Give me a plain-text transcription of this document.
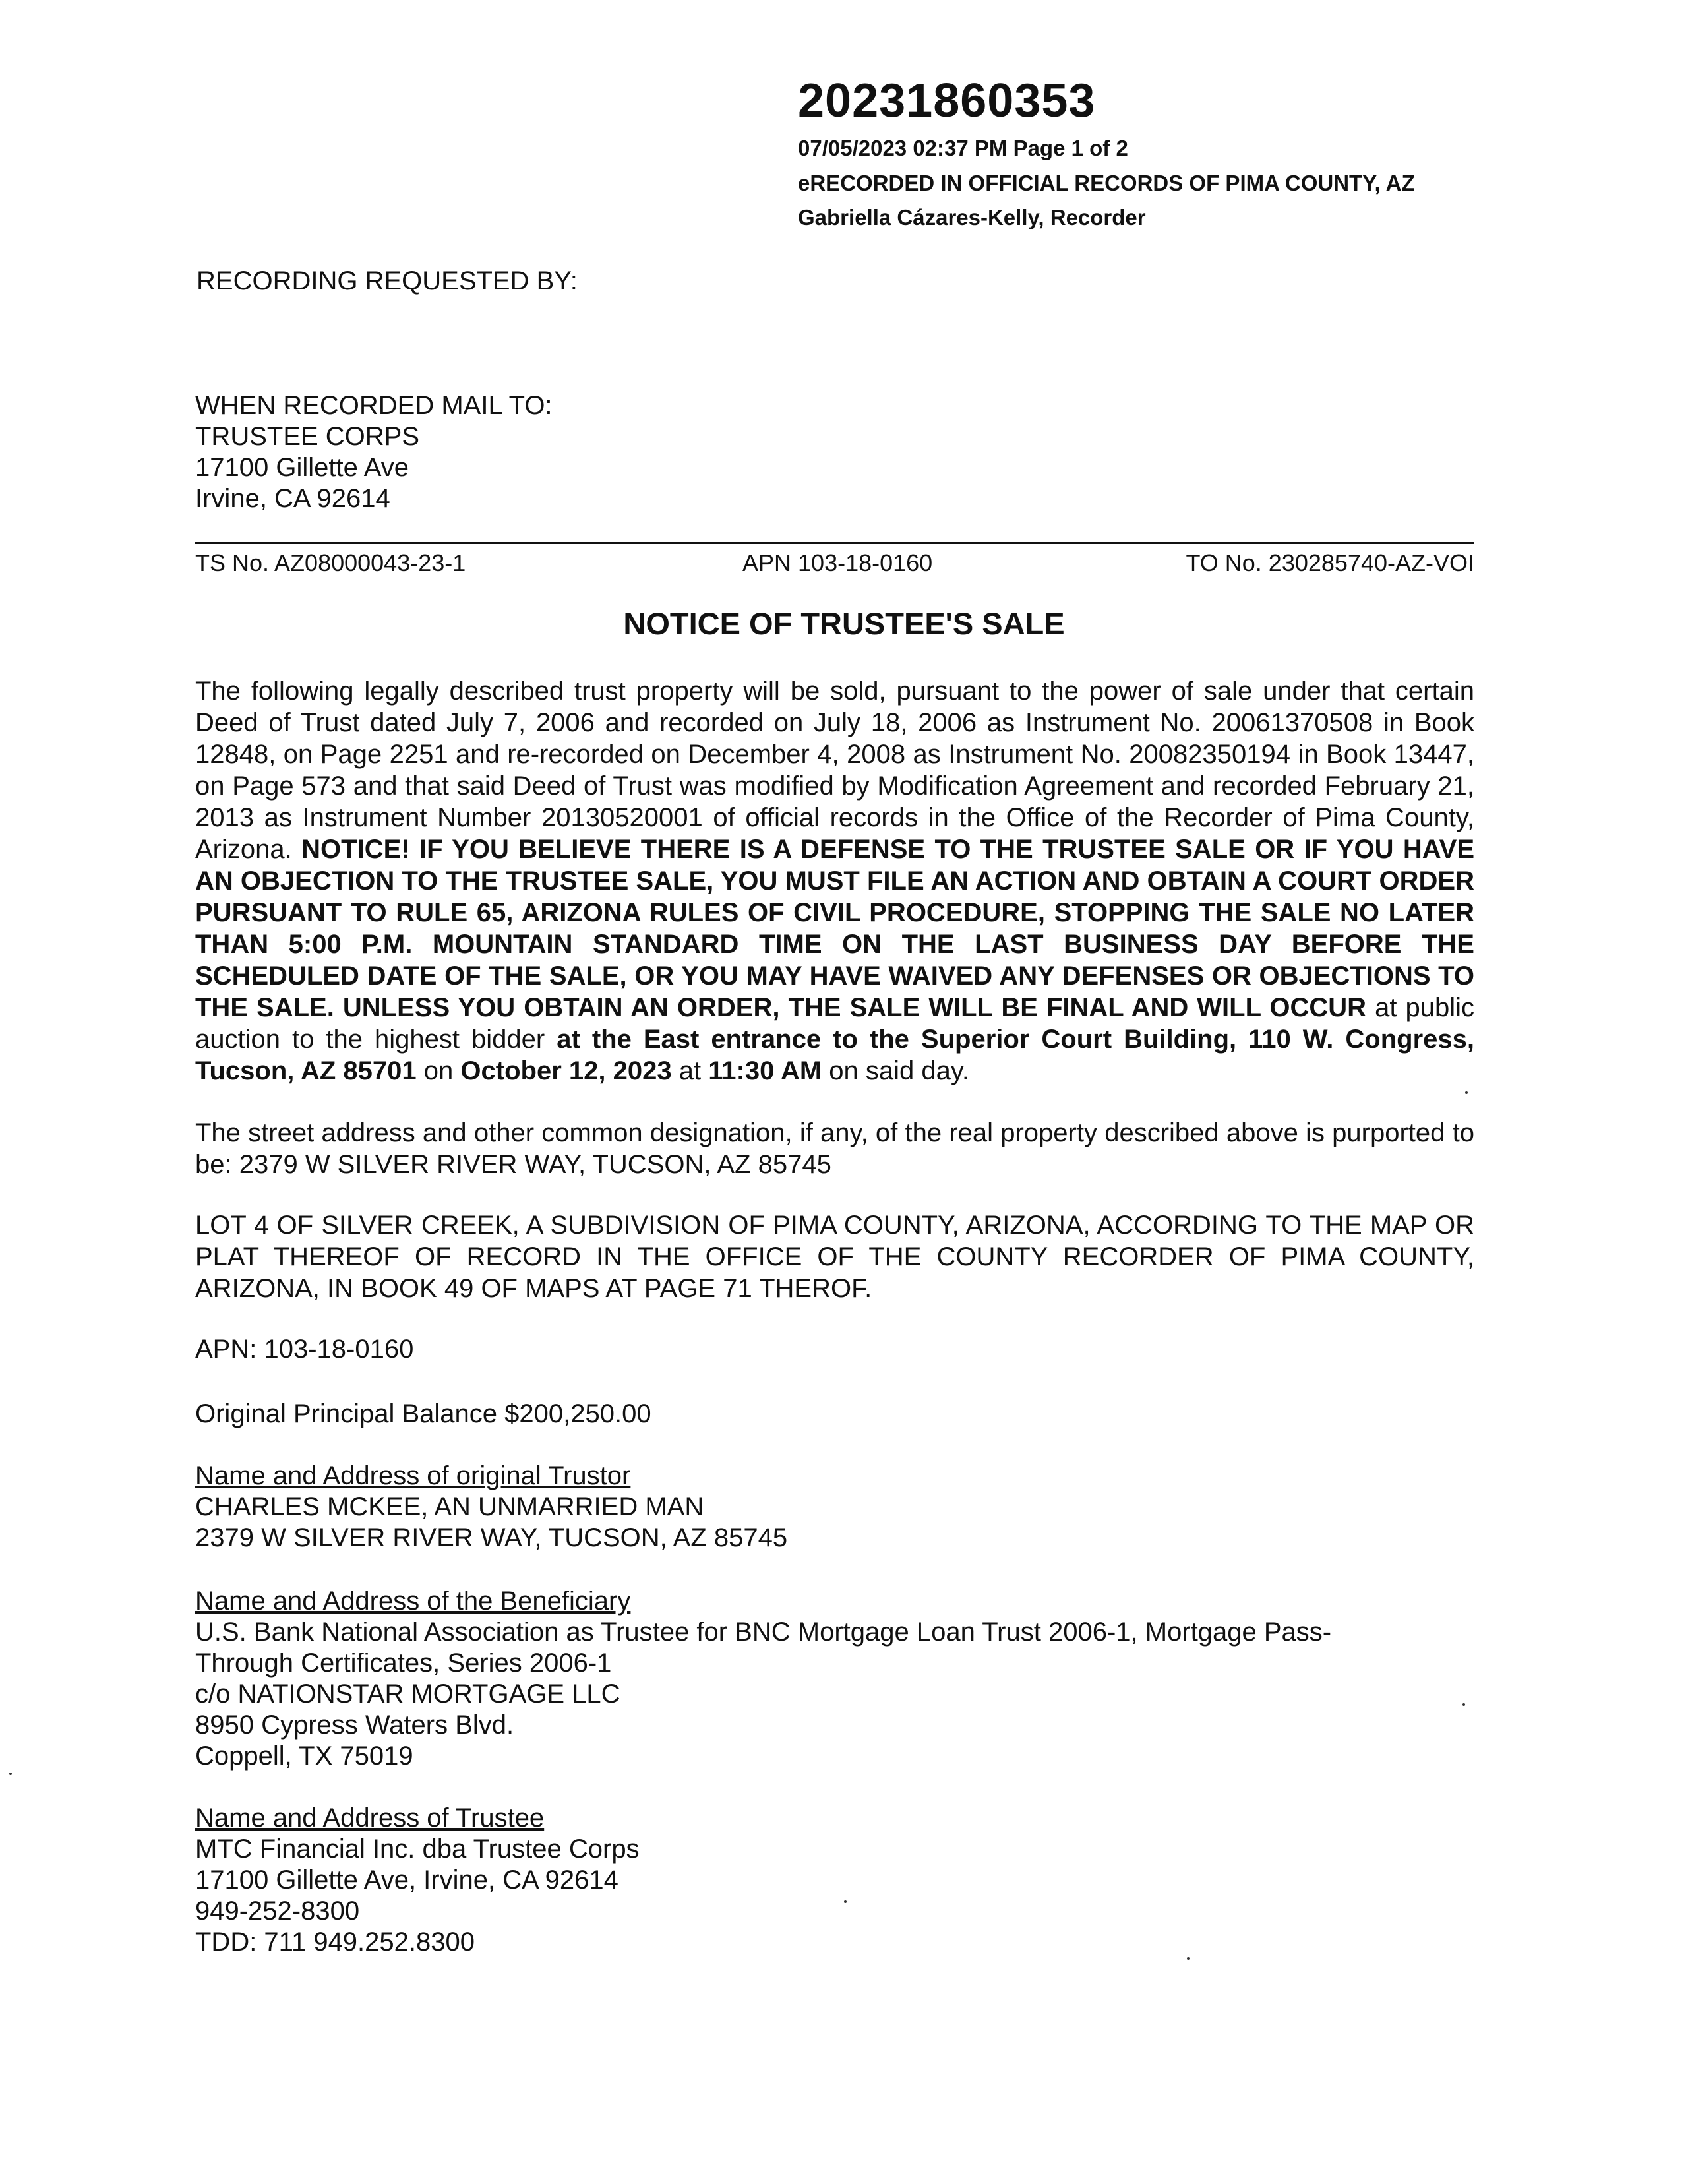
20231860353
07/05/2023 02:37 PM Page 1 of 2
eRECORDED IN OFFICIAL RECORDS OF PIMA COUNTY, AZ
Gabriella Cázares-Kelly, Recorder
RECORDING REQUESTED BY:
WHEN RECORDED MAIL TO:
TRUSTEE CORPS
17100 Gillette Ave
Irvine, CA 92614
TS No. AZ08000043-23-1	APN 103-18-0160	TO No. 230285740-AZ-VOI
NOTICE OF TRUSTEE'S SALE
The following legally described trust property will be sold, pursuant to the power of sale under that certain Deed of Trust dated July 7, 2006 and recorded on July 18, 2006 as Instrument No. 20061370508 in Book 12848, on Page 2251 and re-recorded on December 4, 2008 as Instrument No. 20082350194 in Book 13447, on Page 573 and that said Deed of Trust was modified by Modification Agreement and recorded February 21, 2013 as Instrument Number 20130520001 of official records in the Office of the Recorder of Pima County, Arizona. NOTICE! IF YOU BELIEVE THERE IS A DEFENSE TO THE TRUSTEE SALE OR IF YOU HAVE AN OBJECTION TO THE TRUSTEE SALE, YOU MUST FILE AN ACTION AND OBTAIN A COURT ORDER PURSUANT TO RULE 65, ARIZONA RULES OF CIVIL PROCEDURE, STOPPING THE SALE NO LATER THAN 5:00 P.M. MOUNTAIN STANDARD TIME ON THE LAST BUSINESS DAY BEFORE THE SCHEDULED DATE OF THE SALE, OR YOU MAY HAVE WAIVED ANY DEFENSES OR OBJECTIONS TO THE SALE. UNLESS YOU OBTAIN AN ORDER, THE SALE WILL BE FINAL AND WILL OCCUR at public auction to the highest bidder at the East entrance to the Superior Court Building, 110 W. Congress, Tucson, AZ 85701 on October 12, 2023 at 11:30 AM on said day.
The street address and other common designation, if any, of the real property described above is purported to be: 2379 W SILVER RIVER WAY, TUCSON, AZ 85745
LOT 4 OF SILVER CREEK, A SUBDIVISION OF PIMA COUNTY, ARIZONA, ACCORDING TO THE MAP OR PLAT THEREOF OF RECORD IN THE OFFICE OF THE COUNTY RECORDER OF PIMA COUNTY, ARIZONA, IN BOOK 49 OF MAPS AT PAGE 71 THEROF.
APN: 103-18-0160
Original Principal Balance $200,250.00
Name and Address of original Trustor
CHARLES MCKEE, AN UNMARRIED MAN
2379 W SILVER RIVER WAY, TUCSON, AZ 85745
Name and Address of the Beneficiary
U.S. Bank National Association as Trustee for BNC Mortgage Loan Trust 2006-1, Mortgage Pass-
Through Certificates, Series 2006-1
c/o NATIONSTAR MORTGAGE LLC
8950 Cypress Waters Blvd.
Coppell, TX 75019
Name and Address of Trustee
MTC Financial Inc. dba Trustee Corps
17100 Gillette Ave, Irvine, CA 92614
949-252-8300
TDD: 711 949.252.8300
